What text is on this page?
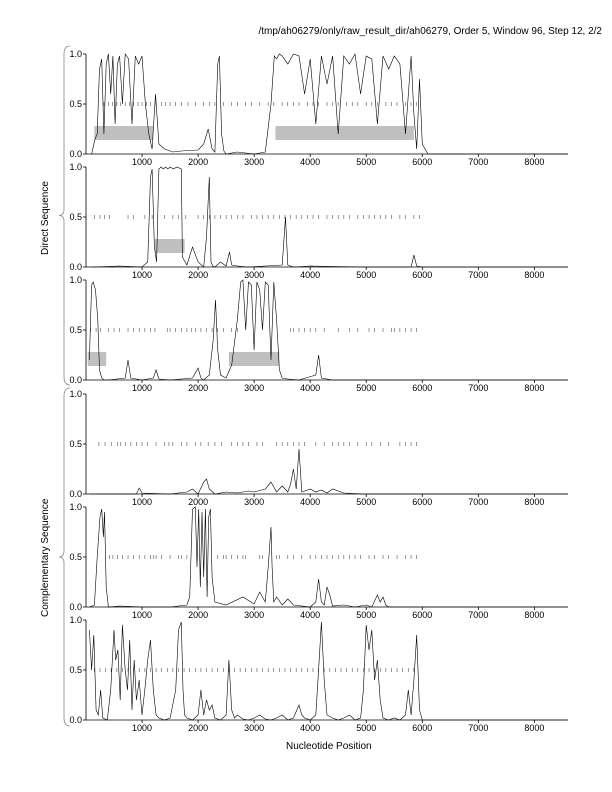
/tmp/ah06279/only/raw_result_dir/ah06279, Order 5, Window 96, Step 12, 2/2
0.0
0.5
1.0
1000	2000	3000	4000	5000	6000	7000	8000
0.0
0.5
1.0
1000	2000	3000	4000	5000	6000	7000	8000
0.0
0.5
1.0
1000	2000	3000	4000	5000	6000	7000	8000
0.0
0.5
1.0
1000	2000	3000	4000	5000	6000	7000	8000
0.0
0.5
1.0
1000	2000	3000	4000	5000	6000	7000	8000
0.0
0.5
1.0
1000	2000	3000	4000	5000	6000	7000	8000
Nucleotide Position
Direct Sequence
Complementary Sequence
